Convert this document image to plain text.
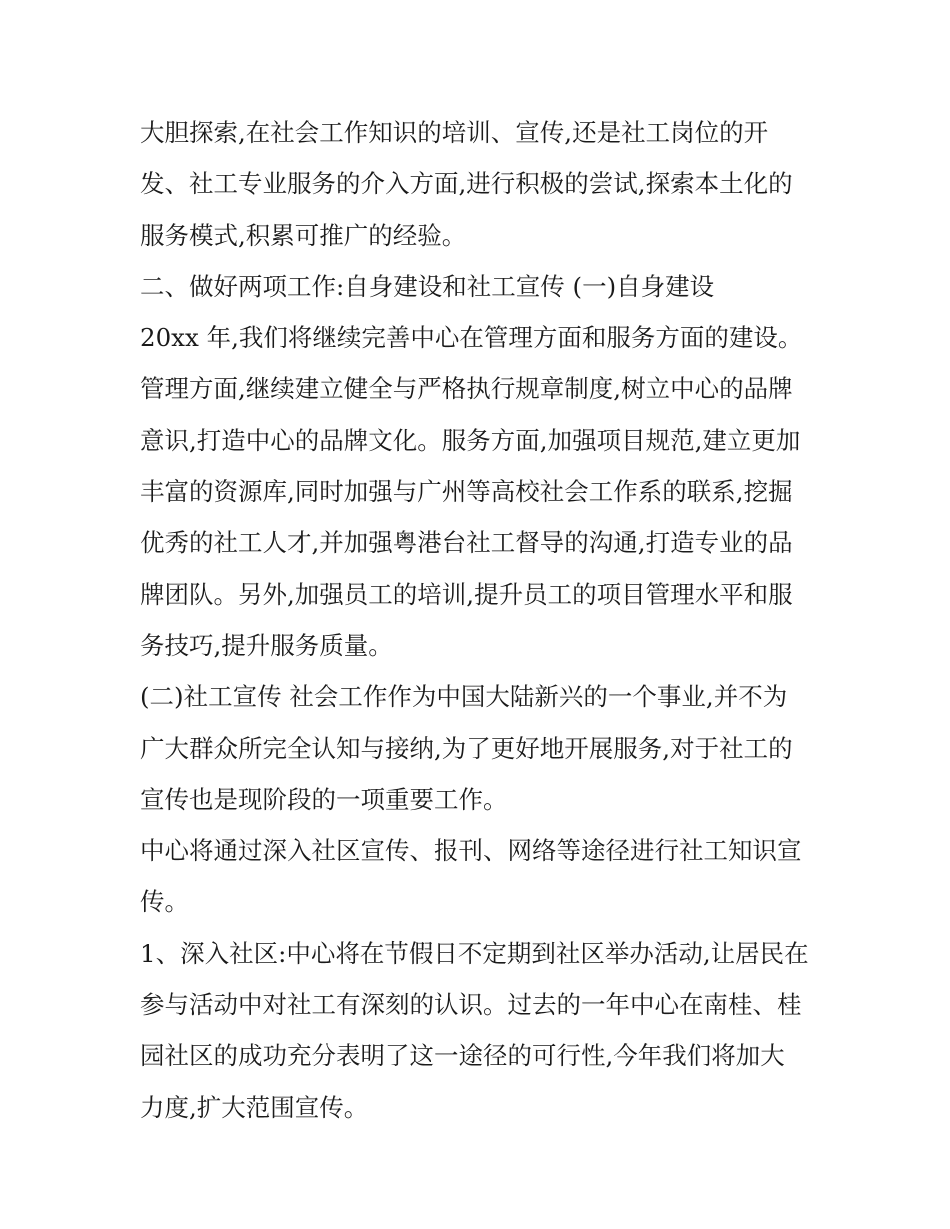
大胆探索,在社会工作知识的培训、宣传,还是社工岗位的开
发、社工专业服务的介入方面,进行积极的尝试,探索本土化的
服务模式,积累可推广的经验。
二、做好两项工作:自身建设和社工宣传 (一)自身建设
20xx 年,我们将继续完善中心在管理方面和服务方面的建设。
管理方面,继续建立健全与严格执行规章制度,树立中心的品牌
意识,打造中心的品牌文化。服务方面,加强项目规范,建立更加
丰富的资源库,同时加强与广州等高校社会工作系的联系,挖掘
优秀的社工人才,并加强粤港台社工督导的沟通,打造专业的品
牌团队。另外,加强员工的培训,提升员工的项目管理水平和服
务技巧,提升服务质量。
(二)社工宣传 社会工作作为中国大陆新兴的一个事业,并不为
广大群众所完全认知与接纳,为了更好地开展服务,对于社工的
宣传也是现阶段的一项重要工作。
中心将通过深入社区宣传、报刊、网络等途径进行社工知识宣
传。
1、深入社区:中心将在节假日不定期到社区举办活动,让居民在
参与活动中对社工有深刻的认识。过去的一年中心在南桂、桂
园社区的成功充分表明了这一途径的可行性,今年我们将加大
力度,扩大范围宣传。
